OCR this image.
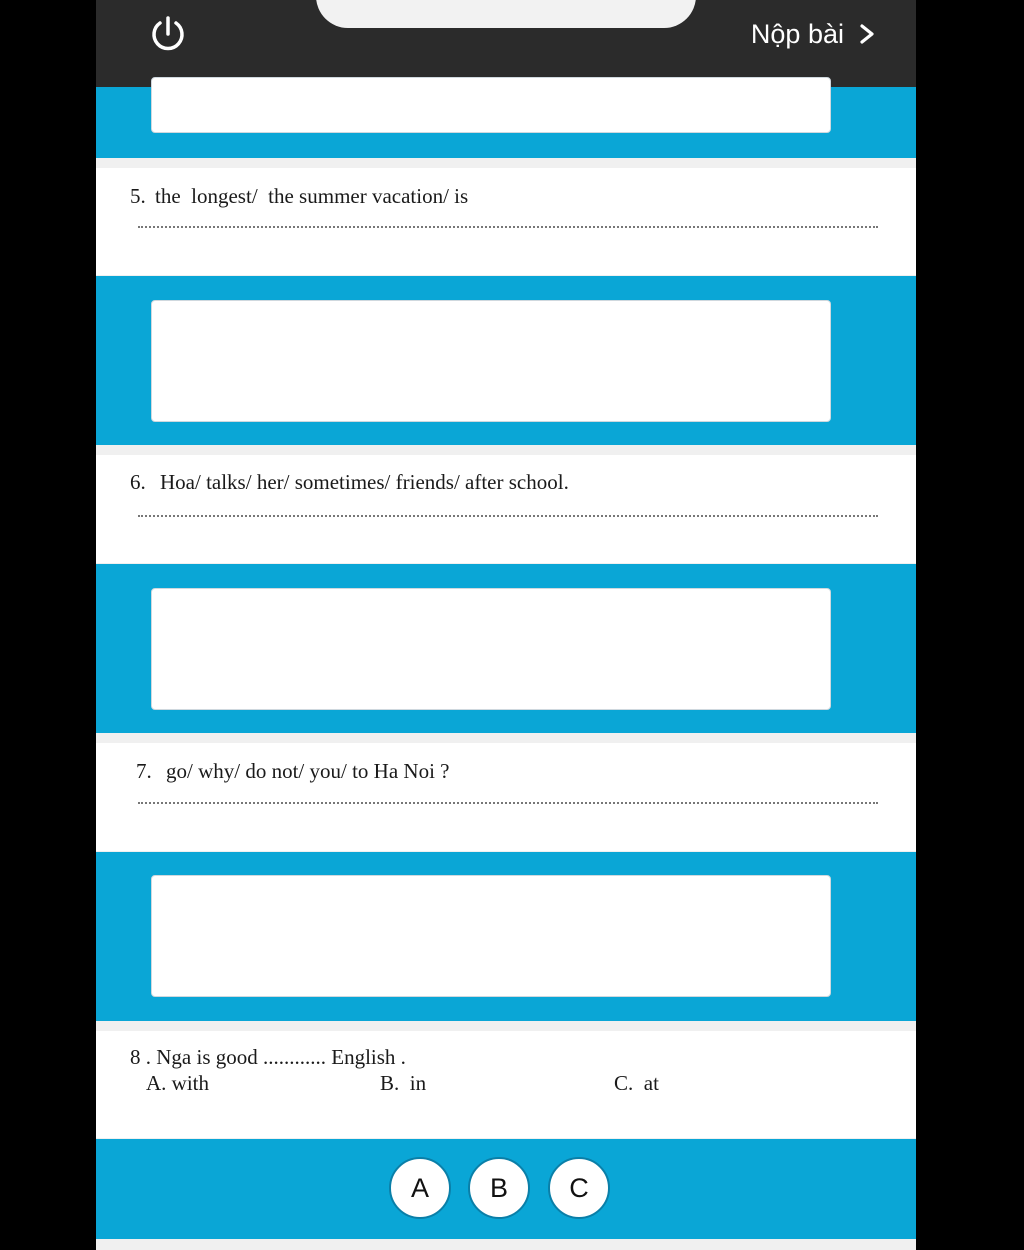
Nộp bài
5. the  longest/  the summer vacation/ is
6. Hoa/ talks/ her/ sometimes/ friends/ after school.
7. go/ why/ do not/ you/ to Ha Noi ?
8 . Nga is good ............ English .
A. with	B.  in	C.  at
A	B	C
